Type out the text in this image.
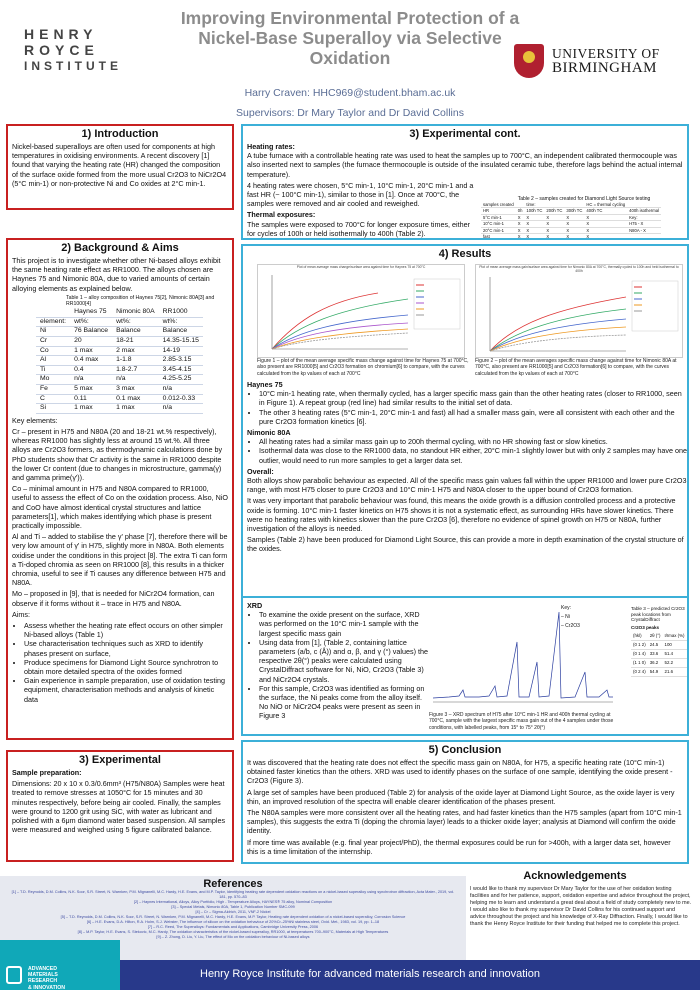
HENRY
ROYCE
INSTITUTE
Improving Environmental Protection of a Nickel-Base Superalloy via Selective Oxidation
Harry Craven: HHC969@student.bham.ac.uk
Supervisors: Dr Mary Taylor and Dr David Collins
UNIVERSITY OF
BIRMINGHAM
1) Introduction
Nickel-based superalloys are often used for components at high temperatures in oxidising environments. A recent discovery [1] found that varying the heating rate (HR) changed the composition of the surface oxide formed from the more usual Cr2O3 to NiCr2O4 (5°C min-1) or non-protective Ni and Co oxides at 2°C min-1.
2) Background & Aims

This project is to investigate whether other Ni-based alloys exhibit the same heating rate effect as RR1000. The alloys chosen are Haynes 75 and Nimonic 80A, due to varied amounts of certain alloying elements as explained below.

Table 1 – alloy composition of Haynes 75[2], Nimonic 80A[3] and RR1000[4]
	Haynes 75	Nimonic 80A	RR1000
element:	wt%:	wt%:	wt%:
Ni	76 Balance	Balance	Balance
Cr	20	18-21	14.35-15.15
Co	1 max	2 max	14-19
Al	0.4 max	1-1.8	2.85-3.15
Ti	0.4	1.8-2.7	3.45-4.15
Mo	n/a	n/a	4.25-5.25
Fe	5 max	3 max	n/a
C	0.11	0.1 max	0.012-0.33
Si	1 max	1 max	n/a

Key elements:

Cr – present in H75 and N80A (20 and 18-21 wt.% respectively), whereas RR1000 has slightly less at around 15 wt.%. All three alloys are Cr2O3 formers, as thermodynamic calculations done by PhD students show that Cr activity is the same in RR1000 despite the lower Cr content (due to changes in microstructure, gamma(γ) and gamma prime(γ')).

Co – minimal amount in H75 and N80A compared to RR1000, useful to assess the effect of Co on the oxidation process. Also, NiO and CoO have almost identical crystal structures and lattice parameters[1], which makes identifying which phase is present practically impossible.

Al and Ti – added to stabilise the γ' phase [7], therefore there will be very low amount of γ' in H75, slightly more in N80A. Both elements oxidise under the conditions in this project [8]. The extra Ti can form a Ti-doped chromia as seen on RR1000 [8], this results in a thicker chromia, useful to see if Ti causes any difference between H75 and N80A.

Mo – proposed in [9], that is needed for NiCr2O4 formation, can observe if it forms without it – trace in H75 and N80A.

Aims:

• Assess whether the heating rate effect occurs on other simpler Ni-based alloys (Table 1)
• Use characterisation techniques such as XRD to identify phases present on surface,
• Produce specimens for Diamond Light Source synchrotron to obtain more detailed spectra of the oxides formed
• Gain experience in sample preparation, use of oxidation testing equipment, characterisation methods and analysis of kinetic data
3) Experimental

Sample preparation:

Dimensions: 20 x 10 x 0.3/0.6mm³ (H75/N80A) Samples were heat treated to remove stresses at 1050°C for 15 minutes and 30 minutes respectively, before being air cooled. Finally, the samples were ground to 1200 grit using SiC, with water as lubricant and polished with a 6μm diamond water based suspension. All samples were measured and weighed using 5 figure calibrated balance.

3) Experimental cont.

Heating rates:

A tube furnace with a controllable heating rate was used to heat the samples up to 700°C, an independent calibrated thermocouple was also inserted next to samples (the furnace thermocouple is outside of the insulated ceramic tube, therefore lags behind the actual internal temperature).

4 heating rates were chosen, 5°C min-1, 10°C min-1, 20°C min-1 and a fast HR (~ 100°C min-1), similar to those in [1]. Once at 700°C, the samples were removed and air cooled and reweighed.

Thermal exposures:

The samples were exposed to 700°C for longer exposure times, either for cycles of 100h or held isothermally to 400h (Table 2).

Table 2 – samples created for Diamond Light Source testing
samples created		time:			HC = thermal cycling	
HR	0h	100h TC	200h TC	300h TC	400h TC	400h isothermal
5°C min-1	X	X	X	X	X	Key:
10°C min-1	X	X	X	X	X	H75 - X
20°C min-1	X	X	X	X	X	N80A - X
fast	X	X	X	X	X	
4) Results
Plot of mean average mass change/surface area against time for Haynes 75 at 700°C
Figure 1 – plot of the mean average specific mass change against time for Haynes 75 at 700°C, also present are RR1000[5] and Cr2O3 formation on chromium[6] to compare, with the curves calculated from the kp values of each at 700°C
Plot of mean average mass gain/surface area against time for Nimonic 80A at 700°C, thermally cycled to 100h and held isothermal to 400h
Figure 2 – plot of the mean averages specific mass change against time for Nimonic 80A at 700°C, also present are RR1000[5] and Cr2O3 formation[6] to compare, with the curves calculated from the kp values of each at 700°C

Haynes 75

• 10°C min-1 heating rate, when thermally cycled, has a larger specific mass gain than the other heating rates (closer to RR1000, seen in Figure 1). A repeat group (red line) had similar results to the initial set of data.
• The other 3 heating rates (5°C min-1, 20°C min-1 and fast) all had a smaller mass gain, were all consistent with each other and the pure Cr2O3 formation kinetics [6].

Nimonic 80A

• All heating rates had a similar mass gain up to 200h thermal cycling, with no HR showing fast or slow kinetics.
• Isothermal data was close to the RR1000 data, no standout HR either, 20°C min-1 slightly lower but with only 2 samples may have one outlier, would need to run more samples to get a larger data set.

Overall:

Both alloys show parabolic behaviour as expected. All of the specific mass gain values fall within the upper RR1000 and lower pure Cr2O3 range, with most H75 closer to pure Cr2O3 and 10°C min-1 H75 and N80A closer to the upper bound of Cr2O3 formation.

It was very important that parabolic behaviour was found, this means the oxide growth is a diffusion controlled process and a protective oxide is forming. 10°C min-1 faster kinetics on H75 shows it is not a systematic effect, as surrounding HRs have slower kinetics. There were no heating rates with kinetics slower than the pure Cr2O3 [6], therefore no evidence of spinel growth on H75 or N80A, further investigation of the alloys is needed.

Samples (Table 2) have been produced for Diamond Light Source, this can provide a more in depth examination of the crystal structure of the oxides.

XRD

• To examine the oxide present on the surface, XRD was performed on the 10°C min-1 sample with the largest specific mass gain
• Using data from [1], (Table 2, containing lattice parameters (a/b, c (Å)) and α, β, and γ (°) values) the respective 2θ(°) peaks were calculated using CrystalDiffract software for Ni, NiO, Cr2O3 (Table 3) and NiCr2O4 crystals.
• For this sample, Cr2O3 was identified as forming on the surface, the Ni peaks come from the alloy itself. No NiO or NiCr2O4 peaks were present as seen in Figure 3
Key:
– Ni
– Cr2O3
Figure 3 – XRD spectrum of H75 after 10°C min-1 HR and 400h thermal cycling at 700°C, sample with the largest specific mass gain out of the 4 samples under those conditions, with labelled peaks, from 15° to 75° 2θ(°)
Table 3 – predicted Cr2O3 peak locations from CrystalDiffract
Cr2O3 peaks
(hkl)	2θ (°)	I/Imax (%)
(0 1 2)	24.5	100
(0 1 4)	33.6	51.4
(1 1 0)	36.2	52.2
(0 2 4)	54.9	21.6
5) Conclusion

It was discovered that the heating rate does not effect the specific mass gain on N80A, for H75, a specific heating rate (10°C min-1) obtained faster kinetics than the others. XRD was used to identify phases on the surface of one sample, identifying the oxide present - Cr2O3 (Figure 3).

A large set of samples have been produced (Table 2) for analysis of the oxide layer at Diamond Light Source, as the oxide layer is very thin, an improved resolution of the spectra will enable clearer identification of the phases present.

The N80A samples were more consistent over all the heating rates, and had faster kinetics than the H75 samples (apart from 10°C min-1 samples), this suggests the extra Ti (doping the chromia layer) leads to a thicker oxide layer; analysis at Diamond will confirm the oxide identity.

If more time was available (e.g. final year project/PhD), the thermal exposures could be run for >400h, with a larger data set, however this is a time limitation of the internship.

References
[1] – T.D. Reynolds, D.M. Collins, N.K. Soor, S.R. Street, N. Warnken, P.M. Mignanelli, M.C. Hardy, H.E. Evans, and M.P. Taylor, Identifying heating rate dependent oxidation reactions on a nickel-based superalloy using synchrotron diffraction, Acta Mater., 2019, vol. 181, pp. 570–83
[2] – Haynes International, Alloys, Alloy Portfolio, High - Temperature Alloys, HAYNES® 75 alloy, Nominal Composition
[3] – Special Metals, Nimonic 80A, Table 1, Publication Number SMC-099
[4] – Cr – Sigma-Aldrich, 2011, VNF-2 Nickel
[5] – T.D. Reynolds, D.M. Collins, N.K. Soor, S.R. Street, N. Warnken, P.M. Mignanelli, M.C. Hardy, H.E. Evans, M.P. Taylor, Heating rate dependent oxidation of a nickel-based superalloy, Corrosion Science
[6] – H.E. Evans, D.A. Hilton, R.A. Holm, S.J. Webster, The influence of silicon on the oxidation behaviour of 20%Cr–25%Ni stainless steel, Oxid. Met., 1983, vol. 19, pp. 1–18
[7] – R.C. Reed, The Superalloys: Fundamentals and Applications, Cambridge University Press, 2006
[8] – M.P. Taylor, H.E. Evans, S. Stekovic, M.C. Hardy, The oxidation characteristics of the nickel-based superalloy, RR1000, at temperatures 700–900°C, Materials at High Temperatures
[9] – Z. Zhong, D. Liu, Y. Liu, The effect of Mo on the oxidation behaviour of Ni-based alloys
Acknowledgements
I would like to thank my supervisor Dr Mary Taylor for the use of her oxidation testing facilities and for her patience, support, oxidation expertise and advice throughout the project, helping me to learn and understand a great deal about a field of study completely new to me. I would also like to thank my supervisor Dr David Collins for his continued support and advice throughout the project and his knowledge of X-Ray Diffraction. Finally, I would like to thank the Henry Royce Institute for their funding that helped me to complete this project.
Henry Royce Institute for advanced materials research and innovation
ADVANCED
MATERIALS
RESEARCH
& INNOVATION
ROYCE
